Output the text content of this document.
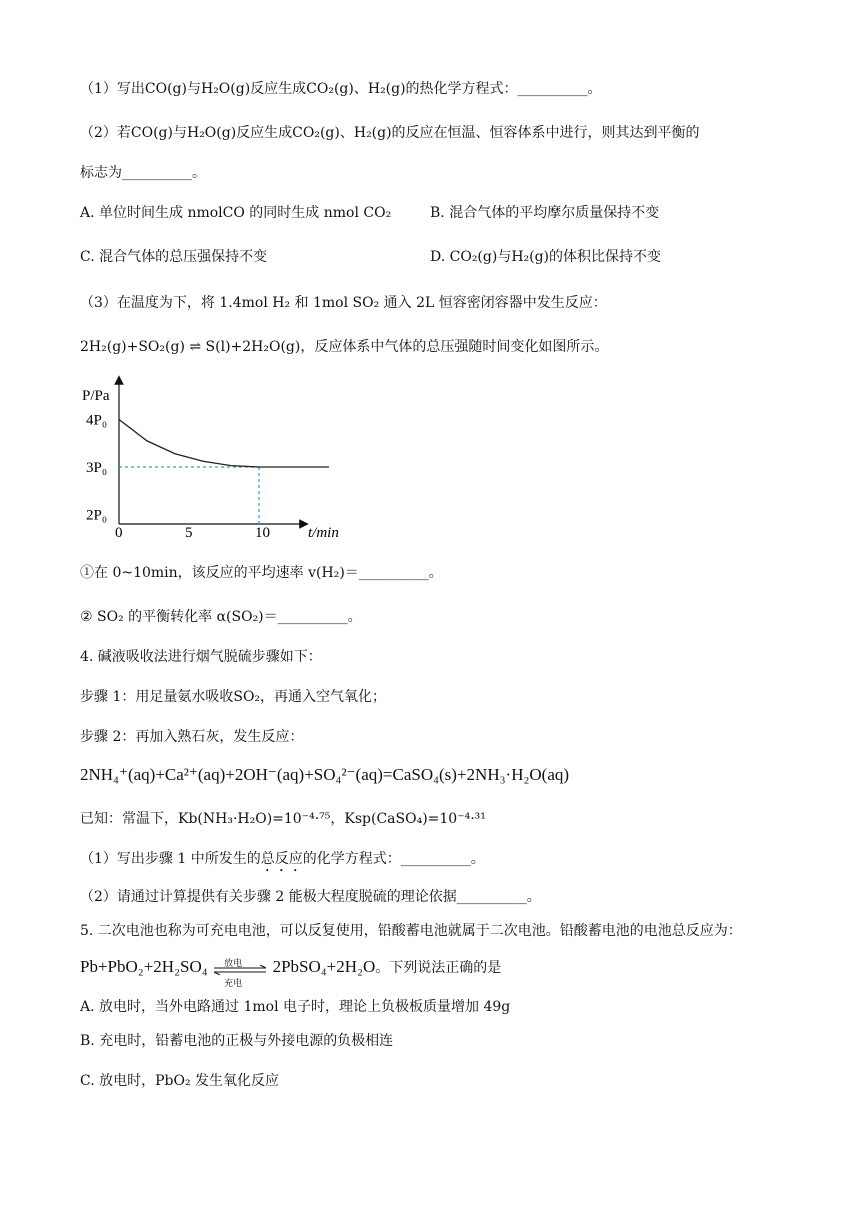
（1）写出CO(g)与H₂O(g)反应生成CO₂(g)、H₂(g)的热化学方程式：__________。
（2）若CO(g)与H₂O(g)反应生成CO₂(g)、H₂(g)的反应在恒温、恒容体系中进行，则其达到平衡的
标志为__________。
A. 单位时间生成 nmolCO 的同时生成 nmol CO₂	B. 混合气体的平均摩尔质量保持不变
C. 混合气体的总压强保持不变	D. CO₂(g)与H₂(g)的体积比保持不变
（3）在温度为下，将 1.4mol H₂ 和 1mol SO₂ 通入 2L 恒容密闭容器中发生反应：
2H₂(g)+SO₂(g) ⇌ S(l)+2H₂O(g)，反应体系中气体的总压强随时间变化如图所示。
P/Pa
t/min
0	5	10
2P₀
3P₀
4P₀
①在 0~10min，该反应的平均速率 v(H₂)＝__________。
② SO₂ 的平衡转化率 α(SO₂)＝__________。
4. 碱液吸收法进行烟气脱硫步骤如下：
步骤 1：用足量氨水吸收SO₂，再通入空气氧化；
步骤 2：再加入熟石灰，发生反应：
2NH₄⁺(aq)+Ca²⁺(aq)+2OH⁻(aq)+SO₄²⁻(aq)=CaSO₄(s)+2NH₃·H₂O(aq)
已知：常温下，Kb(NH₃·H₂O)=10⁻⁴·⁷⁵，Ksp(CaSO₄)=10⁻⁴·³¹
（1）写出步骤 1 中所发生的总反应的化学方程式：__________。
（2）请通过计算提供有关步骤 2 能极大程度脱硫的理论依据__________。
5. 二次电池也称为可充电电池，可以反复使用，铅酸蓄电池就属于二次电池。铅酸蓄电池的电池总反应为：
Pb+PbO₂+2H₂SO₄ 放电
充电
2PbSO₄+2H₂O。下列说法正确的是
A. 放电时，当外电路通过 1mol 电子时，理论上负极板质量增加 49g
B. 充电时，铅蓄电池的正极与外接电源的负极相连
C. 放电时，PbO₂ 发生氧化反应
